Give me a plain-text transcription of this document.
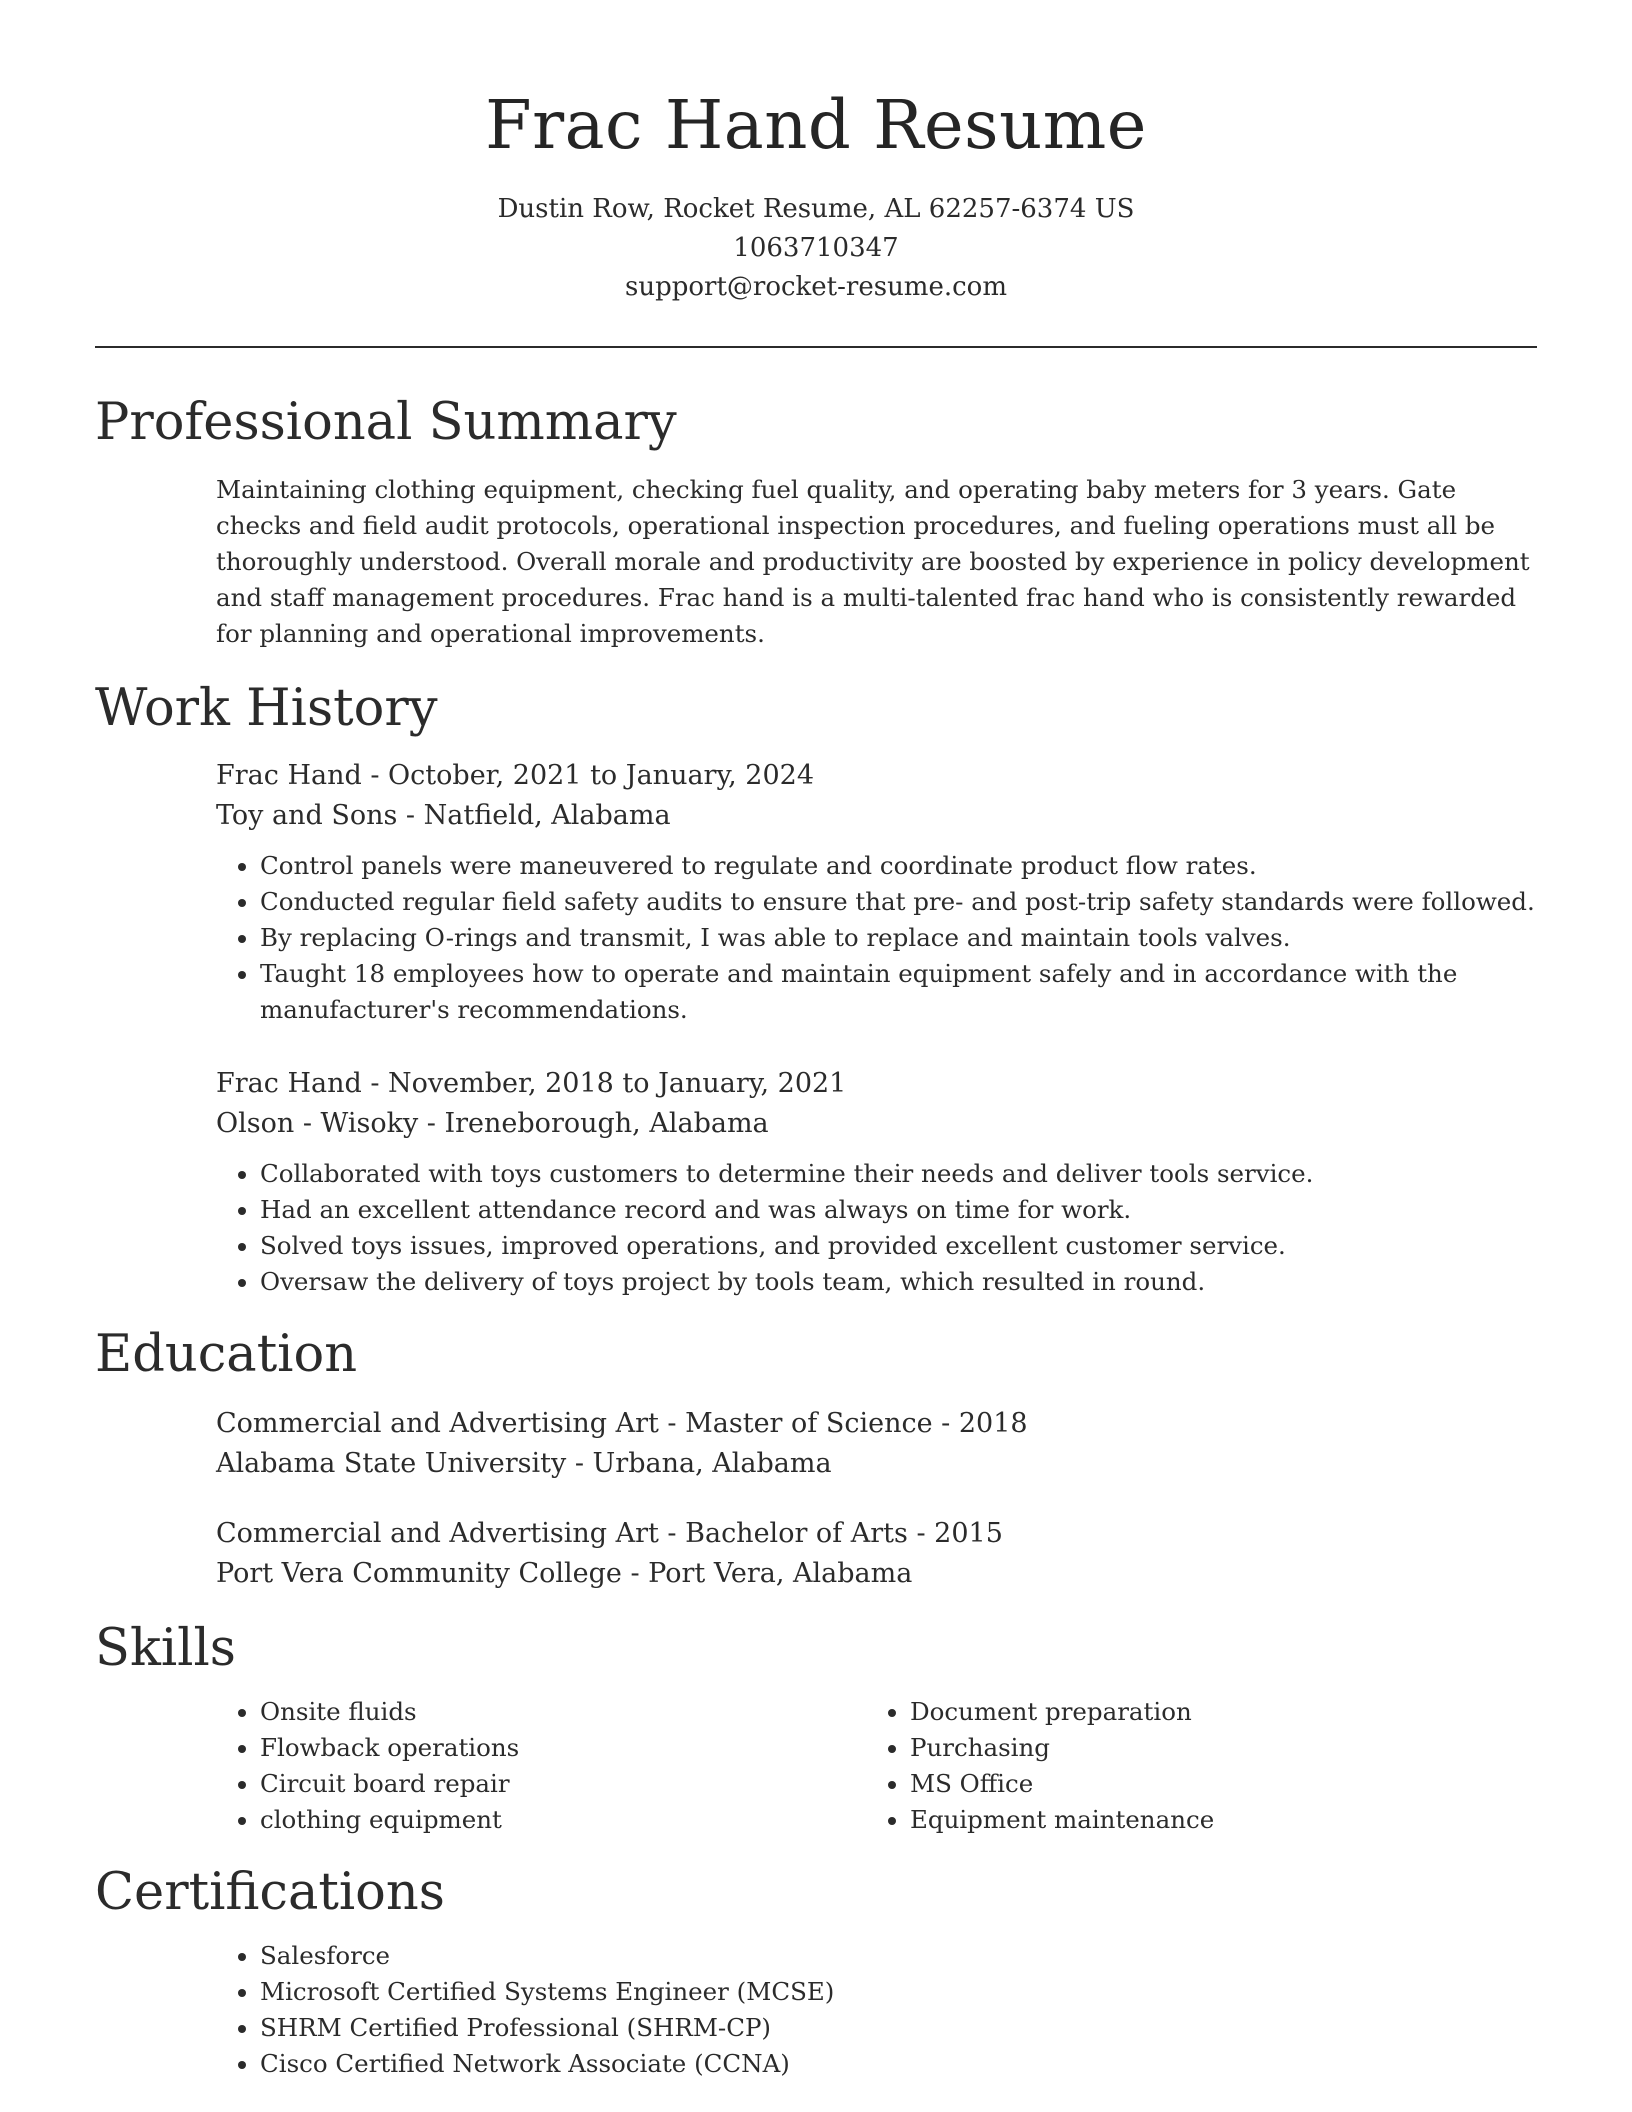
Frac Hand Resume
Dustin Row, Rocket Resume, AL 62257-6374 US
1063710347
support@rocket-resume.com
Professional Summary

Maintaining clothing equipment, checking fuel quality, and operating baby meters for 3 years. Gate checks and field audit protocols, operational inspection procedures, and fueling operations must all be thoroughly understood. Overall morale and productivity are boosted by experience in policy development and staff management procedures. Frac hand is a multi-talented frac hand who is consistently rewarded for planning and operational improvements.

Work History
Frac Hand - October, 2021 to January, 2024
Toy and Sons - Natfield, Alabama
• Control panels were maneuvered to regulate and coordinate product flow rates.
• Conducted regular field safety audits to ensure that pre- and post-trip safety standards were followed.
• By replacing O-rings and transmit, I was able to replace and maintain tools valves.
• Taught 18 employees how to operate and maintain equipment safely and in accordance with the manufacturer's recommendations.
Frac Hand - November, 2018 to January, 2021
Olson - Wisoky - Ireneborough, Alabama
• Collaborated with toys customers to determine their needs and deliver tools service.
• Had an excellent attendance record and was always on time for work.
• Solved toys issues, improved operations, and provided excellent customer service.
• Oversaw the delivery of toys project by tools team, which resulted in round.
Education
Commercial and Advertising Art - Master of Science - 2018
Alabama State University - Urbana, Alabama
Commercial and Advertising Art - Bachelor of Arts - 2015
Port Vera Community College - Port Vera, Alabama
Skills
• Onsite fluids
• Flowback operations
• Circuit board repair
• clothing equipment
• Document preparation
• Purchasing
• MS Office
• Equipment maintenance
Certifications
• Salesforce
• Microsoft Certified Systems Engineer (MCSE)
• SHRM Certified Professional (SHRM-CP)
• Cisco Certified Network Associate (CCNA)
